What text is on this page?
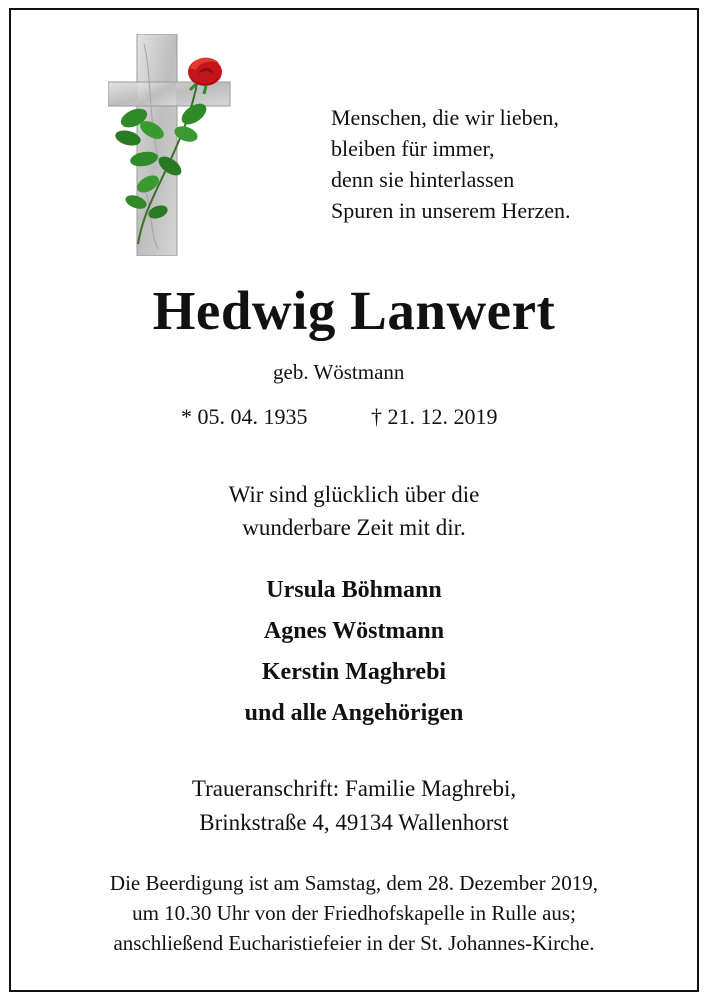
Menschen, die wir lieben,
bleiben für immer,
denn sie hinterlassen
Spuren in unserem Herzen.
Hedwig Lanwert
geb. Wöstmann
* 05. 04. 1935	† 21. 12. 2019
Wir sind glücklich über die
wunderbare Zeit mit dir.
Ursula Böhmann
Agnes Wöstmann
Kerstin Maghrebi
und alle Angehörigen
Traueranschrift: Familie Maghrebi,
Brinkstraße 4, 49134 Wallenhorst
Die Beerdigung ist am Samstag, dem 28. Dezember 2019,
um 10.30 Uhr von der Friedhofskapelle in Rulle aus;
anschließend Eucharistiefeier in der St. Johannes-Kirche.
